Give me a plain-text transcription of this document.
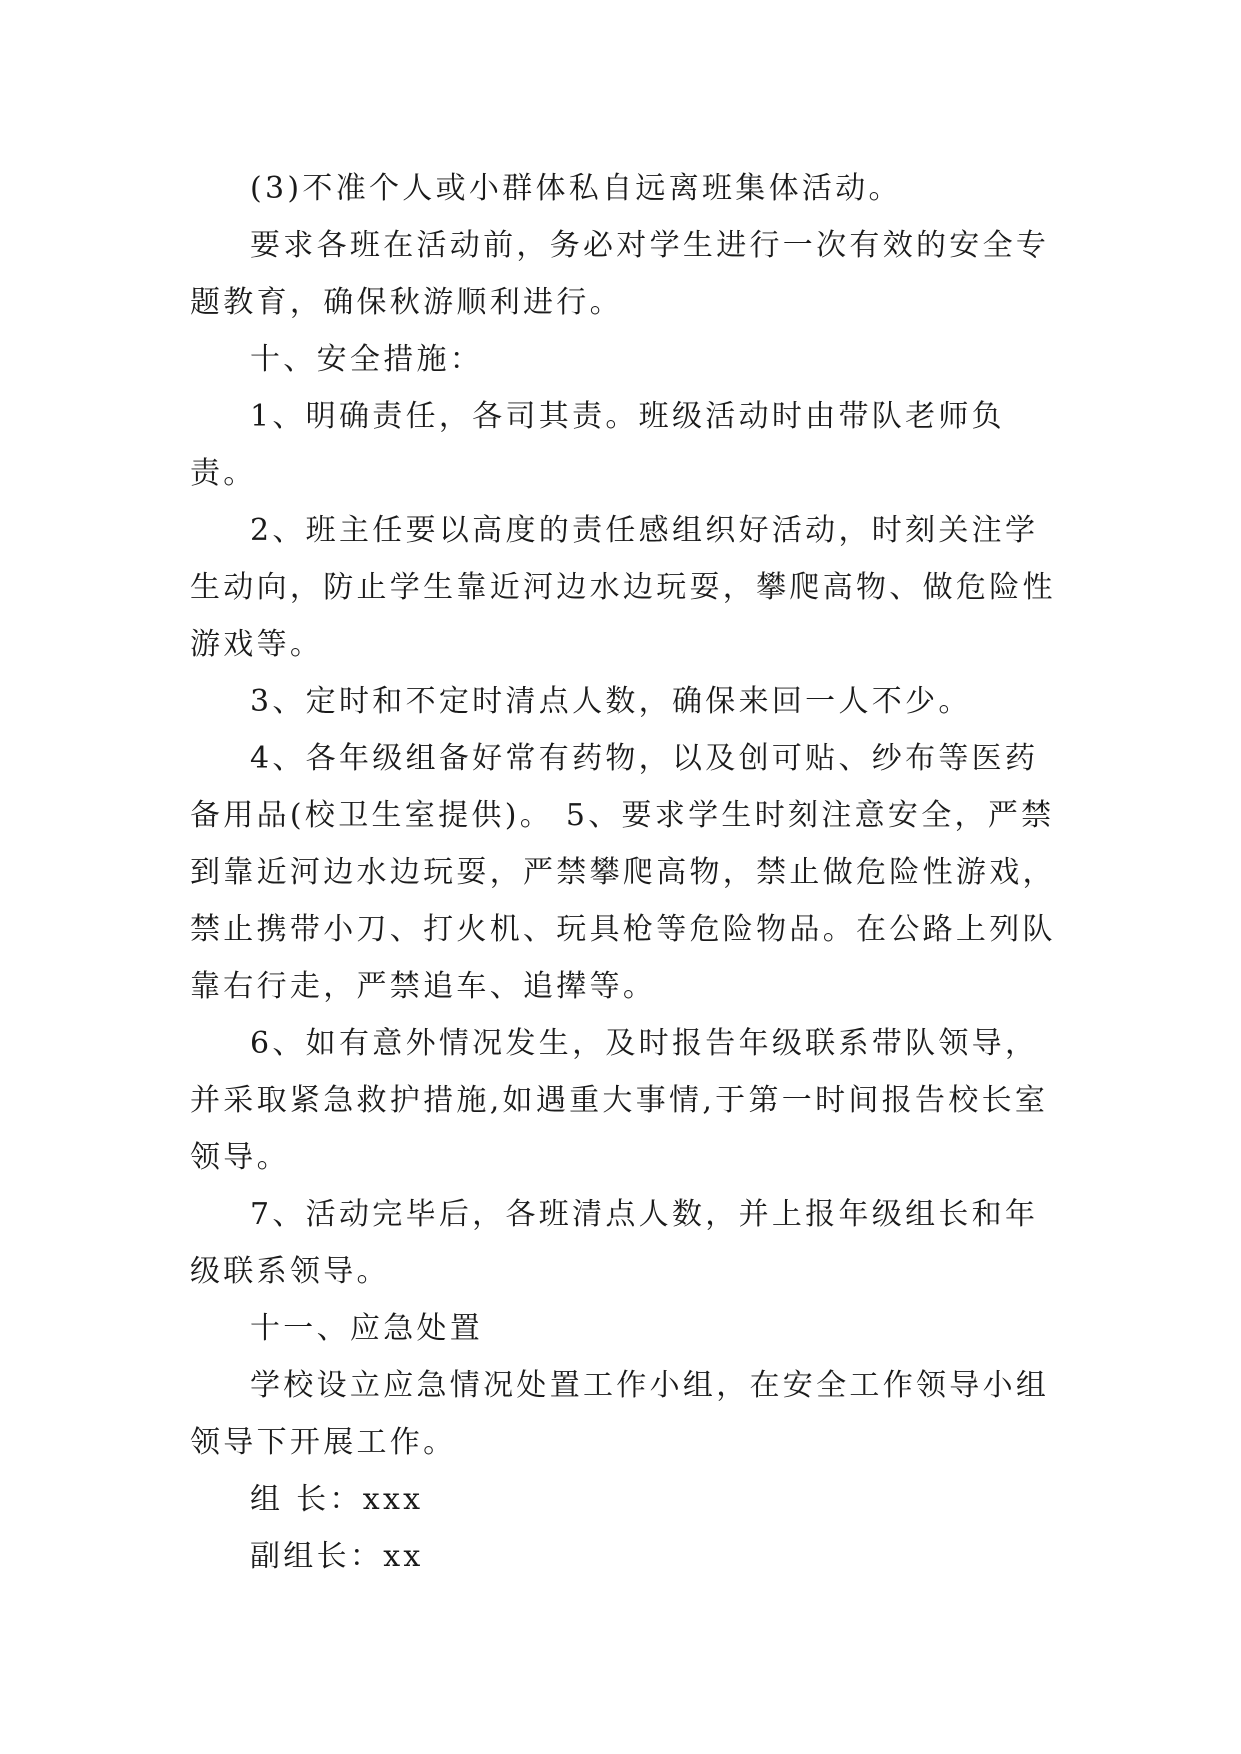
(3)不准个人或小群体私自远离班集体活动。

要求各班在活动前，务必对学生进行一次有效的安全专题教育，确保秋游顺利进行。

十、安全措施：

1、明确责任，各司其责。班级活动时由带队老师负责。

2、班主任要以高度的责任感组织好活动，时刻关注学生动向，防止学生靠近河边水边玩耍，攀爬高物、做危险性游戏等。

3、定时和不定时清点人数，确保来回一人不少。

4、各年级组备好常有药物，以及创可贴、纱布等医药备用品(校卫生室提供)。 5、要求学生时刻注意安全，严禁到靠近河边水边玩耍，严禁攀爬高物，禁止做危险性游戏，禁止携带小刀、打火机、玩具枪等危险物品。在公路上列队靠右行走，严禁追车、追撵等。

6、如有意外情况发生，及时报告年级联系带队领导，并采取紧急救护措施,如遇重大事情,于第一时间报告校长室领导。

7、活动完毕后，各班清点人数，并上报年级组长和年级联系领导。

十一、应急处置

学校设立应急情况处置工作小组，在安全工作领导小组领导下开展工作。

组 长：xxx

副组长：xx
